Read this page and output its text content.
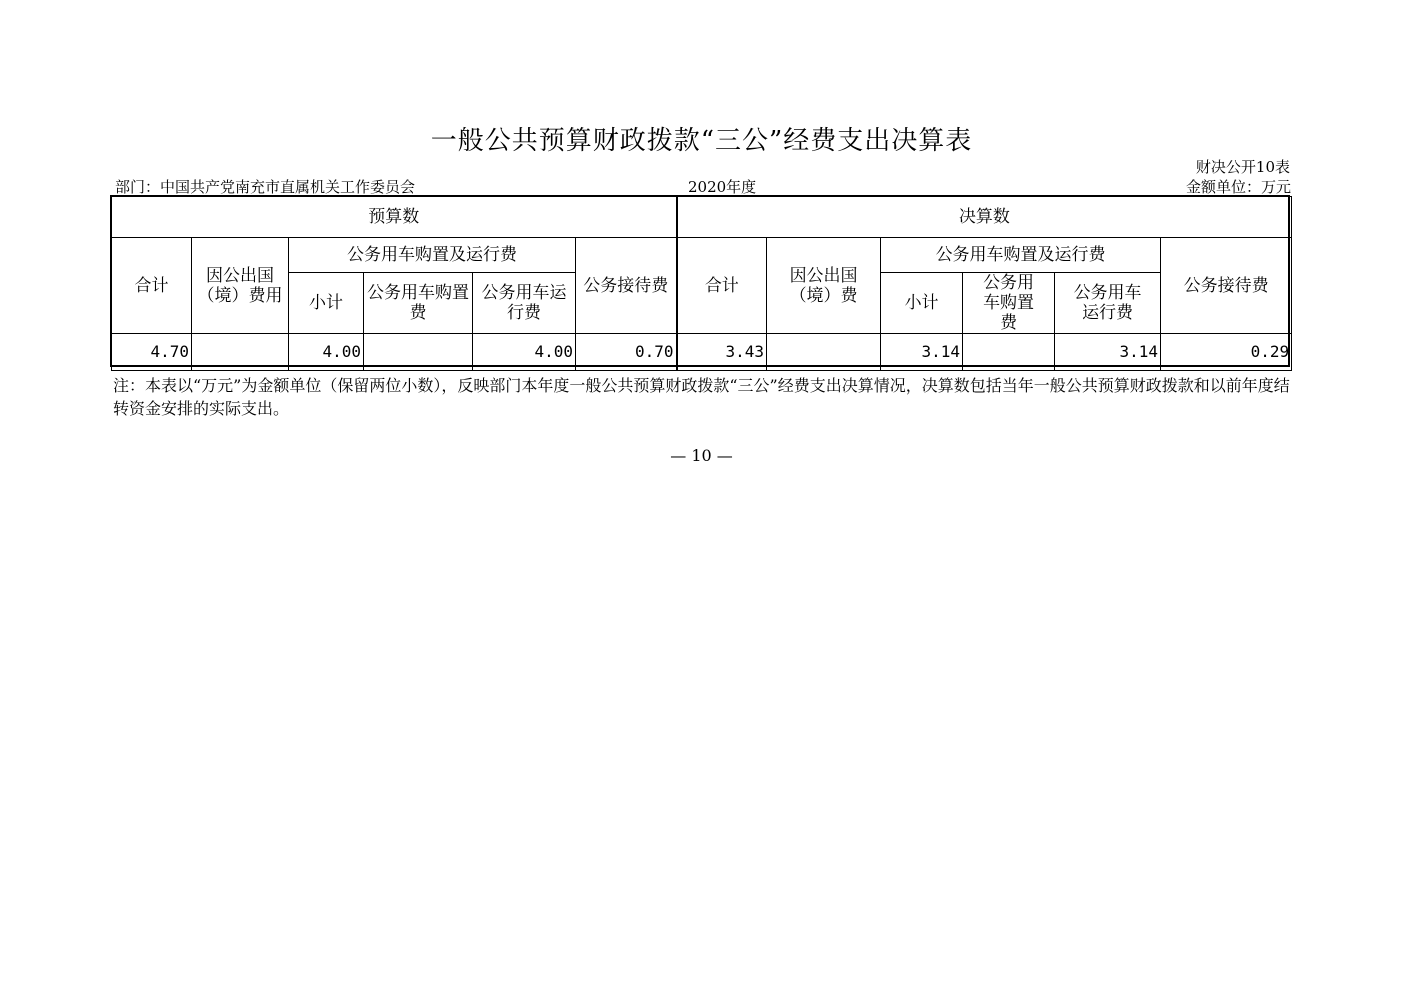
一般公共预算财政拨款“三公”经费支出决算表
财决公开10表
部门：中国共产党南充市直属机关工作委员会	2020年度	金额单位：万元
预算数						决算数					
合计	因公出国（境）费用	公务用车购置及运行费			公务接待费	合计	因公出国（境）费	公务用车购置及运行费			公务接待费
		小计	公务用车购置费	公务用车运行费				小计	公务用车购置费	公务用车运行费	
4.70		4.00		4.00	0.70	3.43		3.14		3.14	0.29
注：本表以“万元”为金额单位（保留两位小数），反映部门本年度一般公共预算财政拨款“三公”经费支出决算情况，决算数包括当年一般公共预算财政拨款和以前年度结转资金安排的实际支出。
— 10 —
